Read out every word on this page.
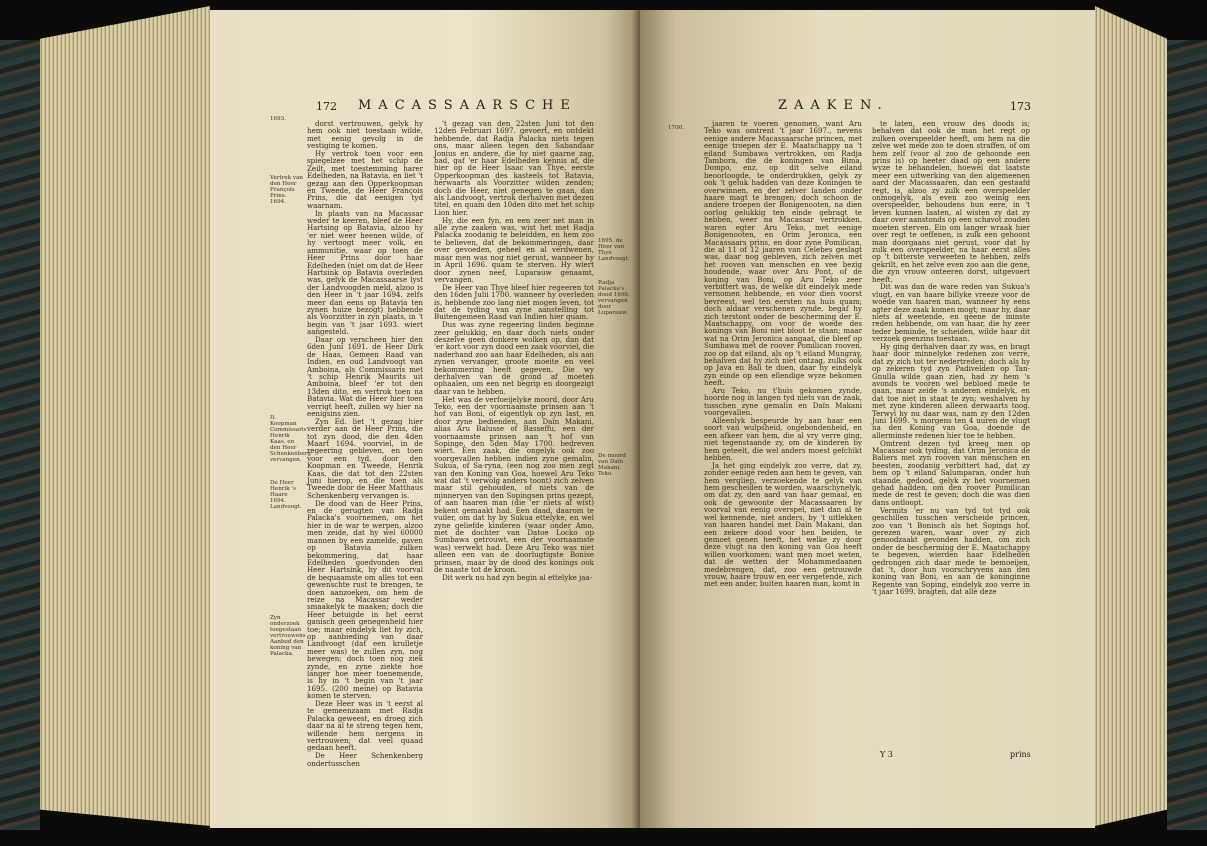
172 MACASSAARSCHE
1693.
Vertrek van den Heer François Prins. 1694.
D. Koopman Commissaris Henrik Kaas, en den Heer Schenkenberg vervangen.
De Heer Henrik 's Haare 1694. Landvoogt.
Zyn onderzoek toegestaan vertrouwens Aanbod den koning van Palacka.

dorst vertrouwen, gelyk hy hem ook niet toestaan wilde, met eenig gevolg in de vestiging te komen.

Hy vertrok toen voor een spiegelzee met het schip de Zeilt, met toestemming harer Edelheden, na Batavia, en liet 't gezag aan den Opperkoopman en Tweede, de Heer François Prins, die dat eenigen tyd waarnam.

In plaats van na Macassar weder te keeren, bleef de Heer Hartsing op Batavia, alzoo hy 'er niet weer heenen wilde, of hy vertoogt meer volk, en ammunitie, waar op toen de Heer Prins door haar Edelheden (niet om dat de Heer Hartsink op Batavia overleden was, gelyk de Macassaarse lyst der Landvoogden meld, alzoo is den Heer in 't jaar 1694. zelfs meer dan eens op Batavia ten zynen huize bezogt) hebbende als Voorzitter in zyn plaats, in 't begin van 't jaar 1693. wiert aangesteld.

Daar op verscheen hier den 6den Juni 1691. de Heer Dirk de Haas, Gemeen Raad van Indien, en oud Landvoogt van Amboina, als Commissaris met 't schip Henrik Maurits uit Amboina, bleef 'er tot den 13den dito, en vertrok toen na Batavia. Wat die Heer hier toen verrigt heeft, zullen wy hier na eenigsins zien.

Zyn Ed. liet 't gezag hier verder aan de Heer Prins, die tot zyn dood, die den 4den Maart 1694. voorviel, in de regeering gebleven, en toen voor een tyd, door den Koopman en Tweede, Henrik Kaas, die dat tot den 22sten Juni hierop, en die toen als Tweede door de Heer Matthaus Schenkenberg vervangen is.

De dood van de Heer Prins, en de gerugten van Radja Palacka's voornemen, om het hier in de war te werpen, alzoo men zeide, dat hy wel 60000 mannen by een zamelde, gaven op Batavia zulken bekommering, dat haar Edelheden goedvonden den Heer Hartsink, hy dit voorval de bequaamste om alles tot een gewenschte rust te brengen, te doen aanzoeken, om hem de reize na Macassar weder smaakelyk te maaken; doch die Heer betuigde in het eerst ganisch geen genegenheid hier toe; maar eindelyk liet hy zich, op aanbieding van daar Landvoogt (dat een krulletje meer was) te zullen zyn, nog bewegen; doch toen nog ziek zynde, en zyne ziekte hoe langer hoe meer toenemende, is hy in 't begin van 't jaar 1695. (200 meine) op Batavia komen te sterven.

Deze Heer was in 't eerst al te gemeenzaam met Radja Palacka geweest, en droeg zich daar na al te streng tegen hem, willende hem nergens in vertrouwen; dat veel quaad gedaan heeft.

De Heer Schenkenberg ondertusschen

't gezag van den 22sten Juni tot den 12den Februari 1697. gevoert, en ontdekt hebbende, dat Radja Palacka niets tegen ons, maar alleen tegen den Sabandaar Jonius en andere, die hy niet gaarne zag, had, gaf 'er haar Edelheden kennis af, die hier op de Heer Isaac van Thye, eerste Opperkoopman des kasteels tot Batavia, herwaarts als Voorzitter wilden zenden; doch die Heer, niet genegen te gaan, dan als Landvoogt, vertrok derhalven met dezen titel, en quam den 10den dito met het schip Lion hier.

Hy, die een fyn, en een zeer net man in alle zyne zaaken was, wist het met Radja Palacka zoodanig te beleidden, en hem zoo te believen, dat de bekommeringen, daar over gevoeden, geheel en al verdwenen, maar men was nog niet gerust, wanneer hy in April 1696. quam te sterven. Hy wiert door zynen neef, Luparauw genaamt, vervangen.

De Heer van Thye bleef hier regeeren tot den 16den Julii 1700. wanneer hy overleden is, hebbende zoo lang niet mogen leven, tot dat de tyding van zyne aanstelling tot Buitengemeen Raad van Indien hier quam.

Dus was zyne regeering linden beginne zeer gelukkig, en daar doch niets onder deszelve geen donkere wolken op, dan dat 'er kort voor zyn dood een zaak voorviel, die naderhand zoo aan haar Edelheden, als aan zynen vervanger, groote moeite en veel bekommering heeft gegeven. Die wy derhalven van de grond af moeten ophaalen, om een net begrip en doorgezigt daar van te hebben.

Het was de verfoeijelyke moord, door Aru Teko, een der voornaamste prinsen aan 't hof van Boni, of eigentlyk op zyn last, en door zyne bedienden, aan Daïn Makani, alias Aru Balusse of Basseffu, een der voornaamste prinsen aan 't hof van Sopinge, den 5den May 1700. bedreven wiert. Een zaak, die ongelyk ook zoo voorgevallen hebben indien zyne gemalin, Sukua, of Sa-ryna, (een nog zoo men zegt van den Koning van Goa, hoewel Aru Teko wat dat 't verwolg anders toont) zich zelven maar stil gehouden, of niets van de minneryen van den Sopingsen prins gezept, of aan haaren man (die 'er niets af wist) bekent gemaakt had. Een daad, daarom te vuiler, om dat hy by Sukua ettelyke, en wel zyne geliefde kinderen (waar onder Amo, met de dochter van Datoe Locko op Sumbawa getrouwt, een der voornaamste was) verwekt had. Deze Aru Teko was niet alleen een van de doorlugtigste Bonise prinsen, maar by de dood des konings ook de naaste tot de kroon.

Dit werk nu had zyn begin al ettelyke jaa-

1695. de Heer van Thye Landvoogt.
Radja Palacka's dood 1696. vervangen door Luparauw.
De moord van Daïn Makani. Teko.
ZAAKEN.	173
1700.	jaaren te voeren genomen, want Aru Teko was omtrent 't jaar 1697., nevens eenige andere Macassaarsche princen, met eenige troepen der E. Maatschappy na 't eiland Sumbawa vertrokken, om Radja Tambora, die de koningen van Bima, Dompo, enz. op dit selve eiland beoorloogde, te onderdrukken, gelyk zy ook 't geluk hadden van deze Koningen te overwinnen, en der zelver landen onder haare magt te brengen; doch schoon de andere troepen der Bonigenooten, na dien oorlog gelukkig ten einde gebragt te hebben, weer na Macassar vertrokken, waren egter Aru Teko, met eenige Bonigenooten, en Orim Jeronica, een Macassaars prins, en door zyne Pomilican, die al 11 of 12 jaaren van Celebes geslagt was, daar nog gebleven, zich zelven met het rooven van menschen en vee bezig houdende, waar over Aru Pont, of de koning van Boni, op Aru Teko zeer verbittert was, de welke dit eindelyk mede vernomen hebbende, en voor dien voorst bevreest, wel ten eersten na huis quam; doch aldaar verschenen zynde, begaf hy zich terstont onder de bescherming der E. Maatschappy, om voor de woede des konings van Boni niet bloot te staan; maar wat na Orim Jeronica aangaat, die bleef op Sumbawa met de roover Pomilican rooven, zoo op dat eiland, als op 't eiland Mungray, behalven dat hy zich niet ontzag, zulks ook op Java en Bali te doen, daar hy eindelyk zyn einde op een ellendige wyze bekomen heeft.

Aru Teko, nu t'huis gekomen zynde, hoorde nog in langen tyd niets van de zaak, tusschen zyne gemalin en Daïn Makani voorgevallen.

Alleenlyk bespeurde hy aan haar een soort van wulpsheid, ongebondenheid, en een afkeer van hem, die al vry verre ging, niet tegenstaande zy, om de kinderen by hem geteelt, die wel anders moest gefchikt hebben.

Ja het ging eindelyk zoo verre, dat zy, zonder eenige reden aan hem te geven, van hem vergliep, verzoekende te gelyk van hem gescheiden te worden, waarschynelyk, om dat zy, den aard van haar gemaal, en ook de gewoonte der Macassaaren by voorval van eenig overspel, niet dan al te wel kennende, niet anders, by 't uitlekken van haaren handel met Daïn Makani, dan een zekere dood voor hen beiden, te gemoet genen heeft, het welke zy door deze vlugt na den koning van Goa heeft willen voorkomen: want men moet weten, dat de wetten der Mohammedaanen medebrengen, dat, zoo een getrouwde vrouw, haare trouw en eer vergetende, zich met een ander, buiten haaren man, komt in

te laten, een vrouw des doods is; behalven dat ook de man het regt op zulken overspeelder heeft, om hem na die zelve wet mede zoo te doen straffen, of om hem zelf (voor al zoo de gehoonde een prins is) op heeter daad op een andere wyze te behandelen, hoewel dat laatste meer een uitwerking van den algemeenen aard der Macassaaren, dan een gestaafd regt, is, alzoo zy zulk een overspeelder onmogelyk, als even zoo weinig een overspeelder, behoudens hun eere, in 't leven kunnen laaten, al wisten zy dat zy daar over aanstonds op een schavot zouden moeten sterven. Ein om langer wraak hier over regt te oeffenen, is zulk een gehoont man doorgaans niet gerust, voor dat hy zulk een overspeelder, na haar eerst alles op 't bitterste verweeten te hebben, zelfs gekrilt, en het zelve even zoo aan die gene, die zyn vrouw onteeren dorst, uitgevoert heeft.

Dit was dan de ware reden van Sukua's vlugt, en van haare billyke vreeze voor de woede van haaren man, wanneer hy eens agter deze zaak komen mogt; maar hy, daar niets af weetende, en geene de minste reden hebbende, om van haar, die hy zeer teder beminde, te scheiden, wilde haar dit verzoek geenzins toestaan.

Hy ging derhalven daar zy was, en bragt haar door minnelyke redenen zoo verre, dat zy zich tot ter nedertreden; doch als hy op zekeren tyd zyn Padivelden op Tan-Gnulla wilde gaan zien, had zy hem 's avonds te vooren wel bebloed mede te gaan, maar zeide 's anderen eindelyk, en dat toe niet in staat te zyn; weshalven hy met zyne kinderen alleen derwaarts toog. Terwyl hy nu daar was, nam zy den 12den Juni 1699. 's morgens ten 4 uuren de vlugt na den Koning van Goa, doende de allerminste redenen hier toe te hebben.

Omtrent dezen tyd kreeg men op Macassar ook tyding, dat Orim Jeronica de Baliers met zyn rooven van menschen en beesten, zoodanig verbittert had, dat zy hem op 't eiland Salumparan, onder hun staande, gedood, gelyk zy het voornemen gehad hadden, om den roover Pomilican mede de rest te geven; doch die was dien dans ontloopt.

Vermits 'er nu van tyd tot tyd ook geschillen tusschen verscheide princen, zoo van 't Bonisch als het Sopings hof, gerezen waren, waar over zy zich genoodzaakt gevonden hadden, om zich onder de bescherming der E. Maatschappy te begeven, wierden haar Edelheden gedrongen zich daar mede te bemoeijen, dat 't, door hun voorschryvens aan den koning van Boni, en aan de koninginne Regente van Soping, eindelyk zoo verre in 't jaar 1699. bragten, dat alle deze

Y 3	prins
